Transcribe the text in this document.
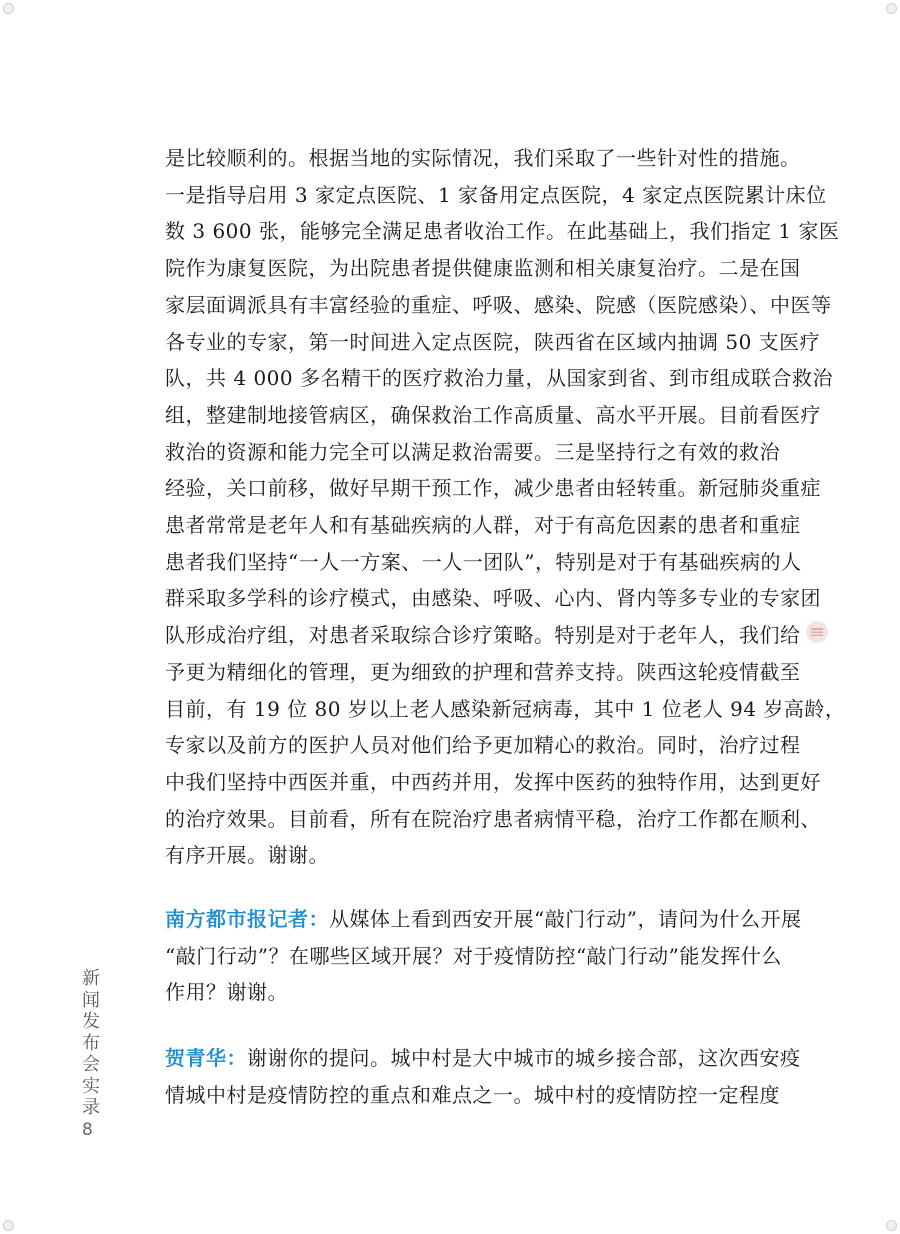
是比较顺利的。根据当地的实际情况，我们采取了一些针对性的措施。
一是指导启用 3 家定点医院、1 家备用定点医院，4 家定点医院累计床位
数 3 600 张，能够完全满足患者收治工作。在此基础上，我们指定 1 家医
院作为康复医院，为出院患者提供健康监测和相关康复治疗。二是在国
家层面调派具有丰富经验的重症、呼吸、感染、院感（医院感染）、中医等
各专业的专家，第一时间进入定点医院，陕西省在区域内抽调 50 支医疗
队，共 4 000 多名精干的医疗救治力量，从国家到省、到市组成联合救治
组，整建制地接管病区，确保救治工作高质量、高水平开展。目前看医疗
救治的资源和能力完全可以满足救治需要。三是坚持行之有效的救治
经验，关口前移，做好早期干预工作，减少患者由轻转重。新冠肺炎重症
患者常常是老年人和有基础疾病的人群，对于有高危因素的患者和重症
患者我们坚持“一人一方案、一人一团队”，特别是对于有基础疾病的人
群采取多学科的诊疗模式，由感染、呼吸、心内、肾内等多专业的专家团
队形成治疗组，对患者采取综合诊疗策略。特别是对于老年人，我们给
予更为精细化的管理，更为细致的护理和营养支持。陕西这轮疫情截至
目前，有 19 位 80 岁以上老人感染新冠病毒，其中 1 位老人 94 岁高龄，
专家以及前方的医护人员对他们给予更加精心的救治。同时，治疗过程
中我们坚持中西医并重，中西药并用，发挥中医药的独特作用，达到更好
的治疗效果。目前看，所有在院治疗患者病情平稳，治疗工作都在顺利、
有序开展。谢谢。

南方都市报记者：从媒体上看到西安开展“敲门行动”，请问为什么开展
“敲门行动”？在哪些区域开展？对于疫情防控“敲门行动”能发挥什么
作用？谢谢。

贺青华：谢谢你的提问。城中村是大中城市的城乡接合部，这次西安疫
情城中村是疫情防控的重点和难点之一。城中村的疫情防控一定程度

新
闻
发
布
会
实
录
8
